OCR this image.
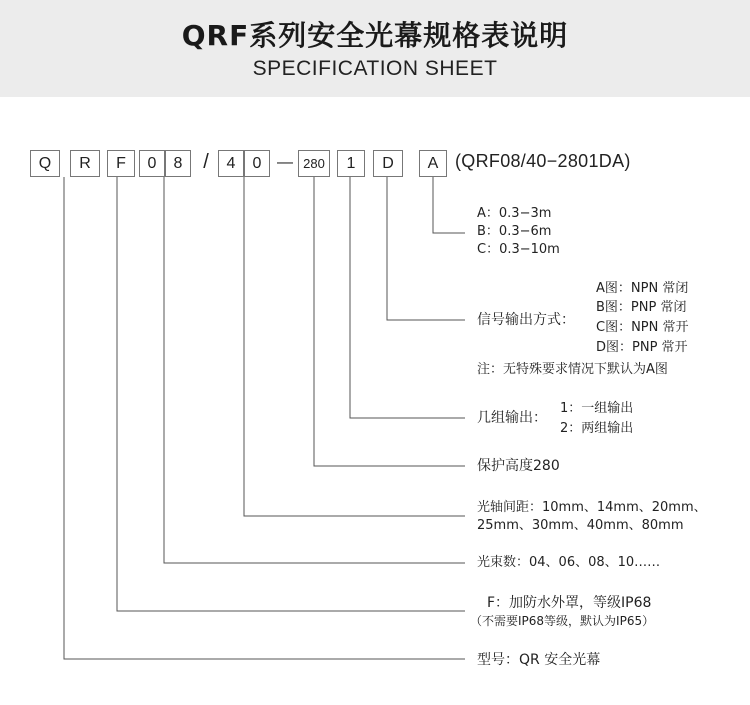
QRF系列安全光幕规格表说明
SPECIFICATION SHEET
Q	R	F	0	8	/	4	0 — 280	1	D	A (QRF08/40−2801DA)
A：0.3−3m
B：0.3−6m
C：0.3−10m
A图：NPN 常闭
B图：PNP 常闭
信号输出方式： C图：NPN 常开
D图：PNP 常开
注：无特殊要求情况下默认为A图
1：一组输出
几组输出：
2：两组输出
保护高度280
光轴间距：10mm、14mm、20mm、
25mm、30mm、40mm、80mm
光束数：04、06、08、10……
F：加防水外罩，等级IP68
（不需要IP68等级，默认为IP65）
型号：QR 安全光幕
